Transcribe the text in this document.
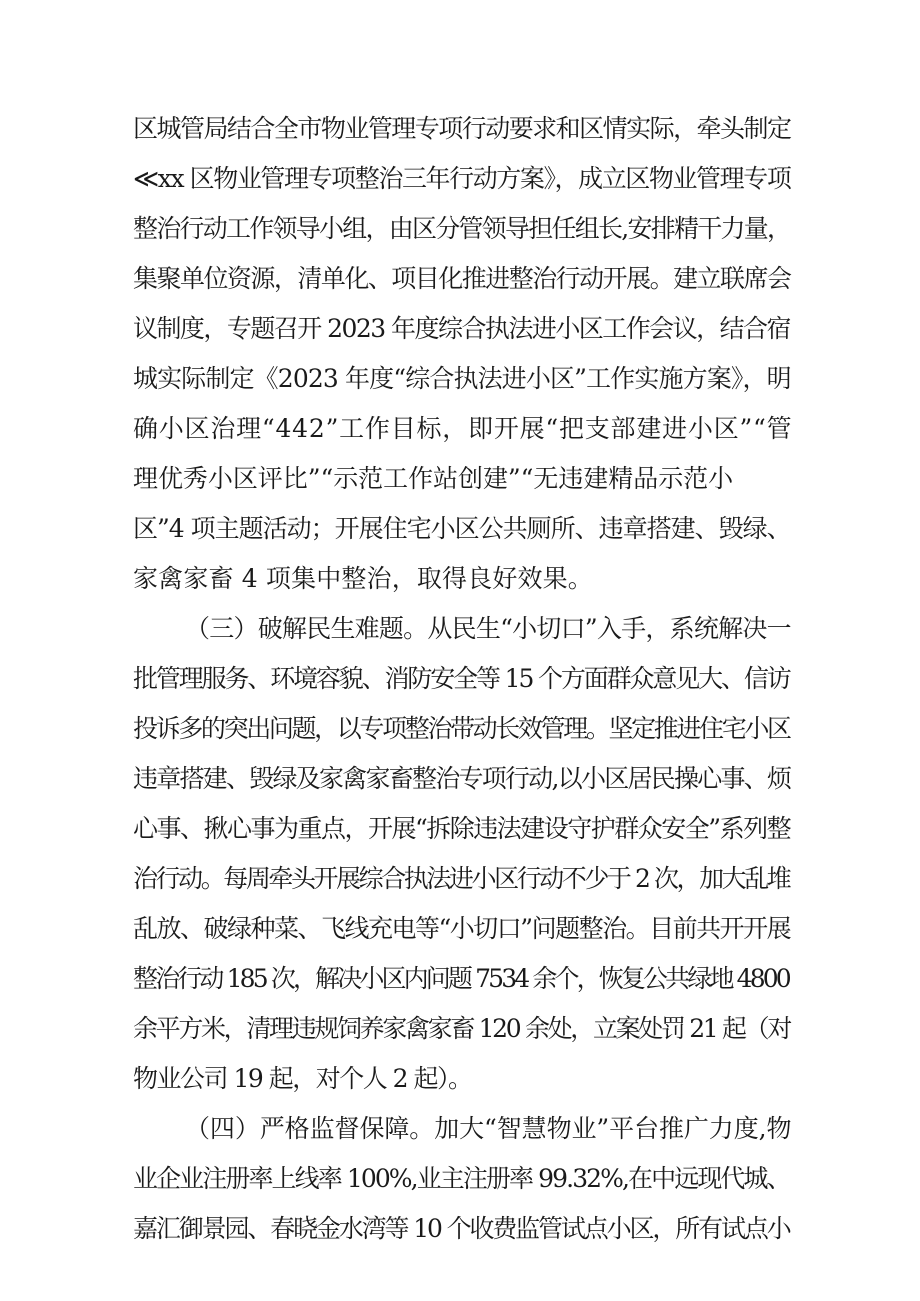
区城管局结合全市物业管理专项行动要求和区情实际，牵头制定

≪xx 区物业管理专项整治三年行动方案》，成立区物业管理专项

整治行动工作领导小组，由区分管领导担任组长,安排精干力量，

集聚单位资源，清单化、项目化推进整治行动开展。建立联席会

议制度，专题召开 2023 年度综合执法进小区工作会议，结合宿

城实际制定《2023 年度“综合执法进小区”工作实施方案》，明

确小区治理“442”工作目标，即开展“把支部建进小区”“管

理优秀小区评比”“示范工作站创建”“无违建精品示范小

区”4 项主题活动；开展住宅小区公共厕所、违章搭建、毁绿、

家禽家畜 4 项集中整治，取得良好效果。

（三）破解民生难题。从民生“小切口”入手，系统解决一

批管理服务、环境容貌、消防安全等 15 个方面群众意见大、信访

投诉多的突出问题，以专项整治带动长效管理。坚定推进住宅小区

违章搭建、毁绿及家禽家畜整治专项行动,以小区居民操心事、烦

心事、揪心事为重点，开展“拆除违法建设守护群众安全”系列整

治行动。每周牵头开展综合执法进小区行动不少于 2 次，加大乱堆

乱放、破绿种菜、飞线充电等“小切口”问题整治。目前共开开展

整治行动 185 次，解决小区内问题 7534 余个，恢复公共绿地 4800

余平方米，清理违规饲养家禽家畜 120 余处，立案处罚 21 起（对

物业公司 19 起，对个人 2 起）。

（四）严格监督保障。加大“智慧物业”平台推广力度,物

业企业注册率上线率 100%,业主注册率 99.32%,在中远现代城、

嘉汇御景园、春晓金水湾等 10 个收费监管试点小区，所有试点小
